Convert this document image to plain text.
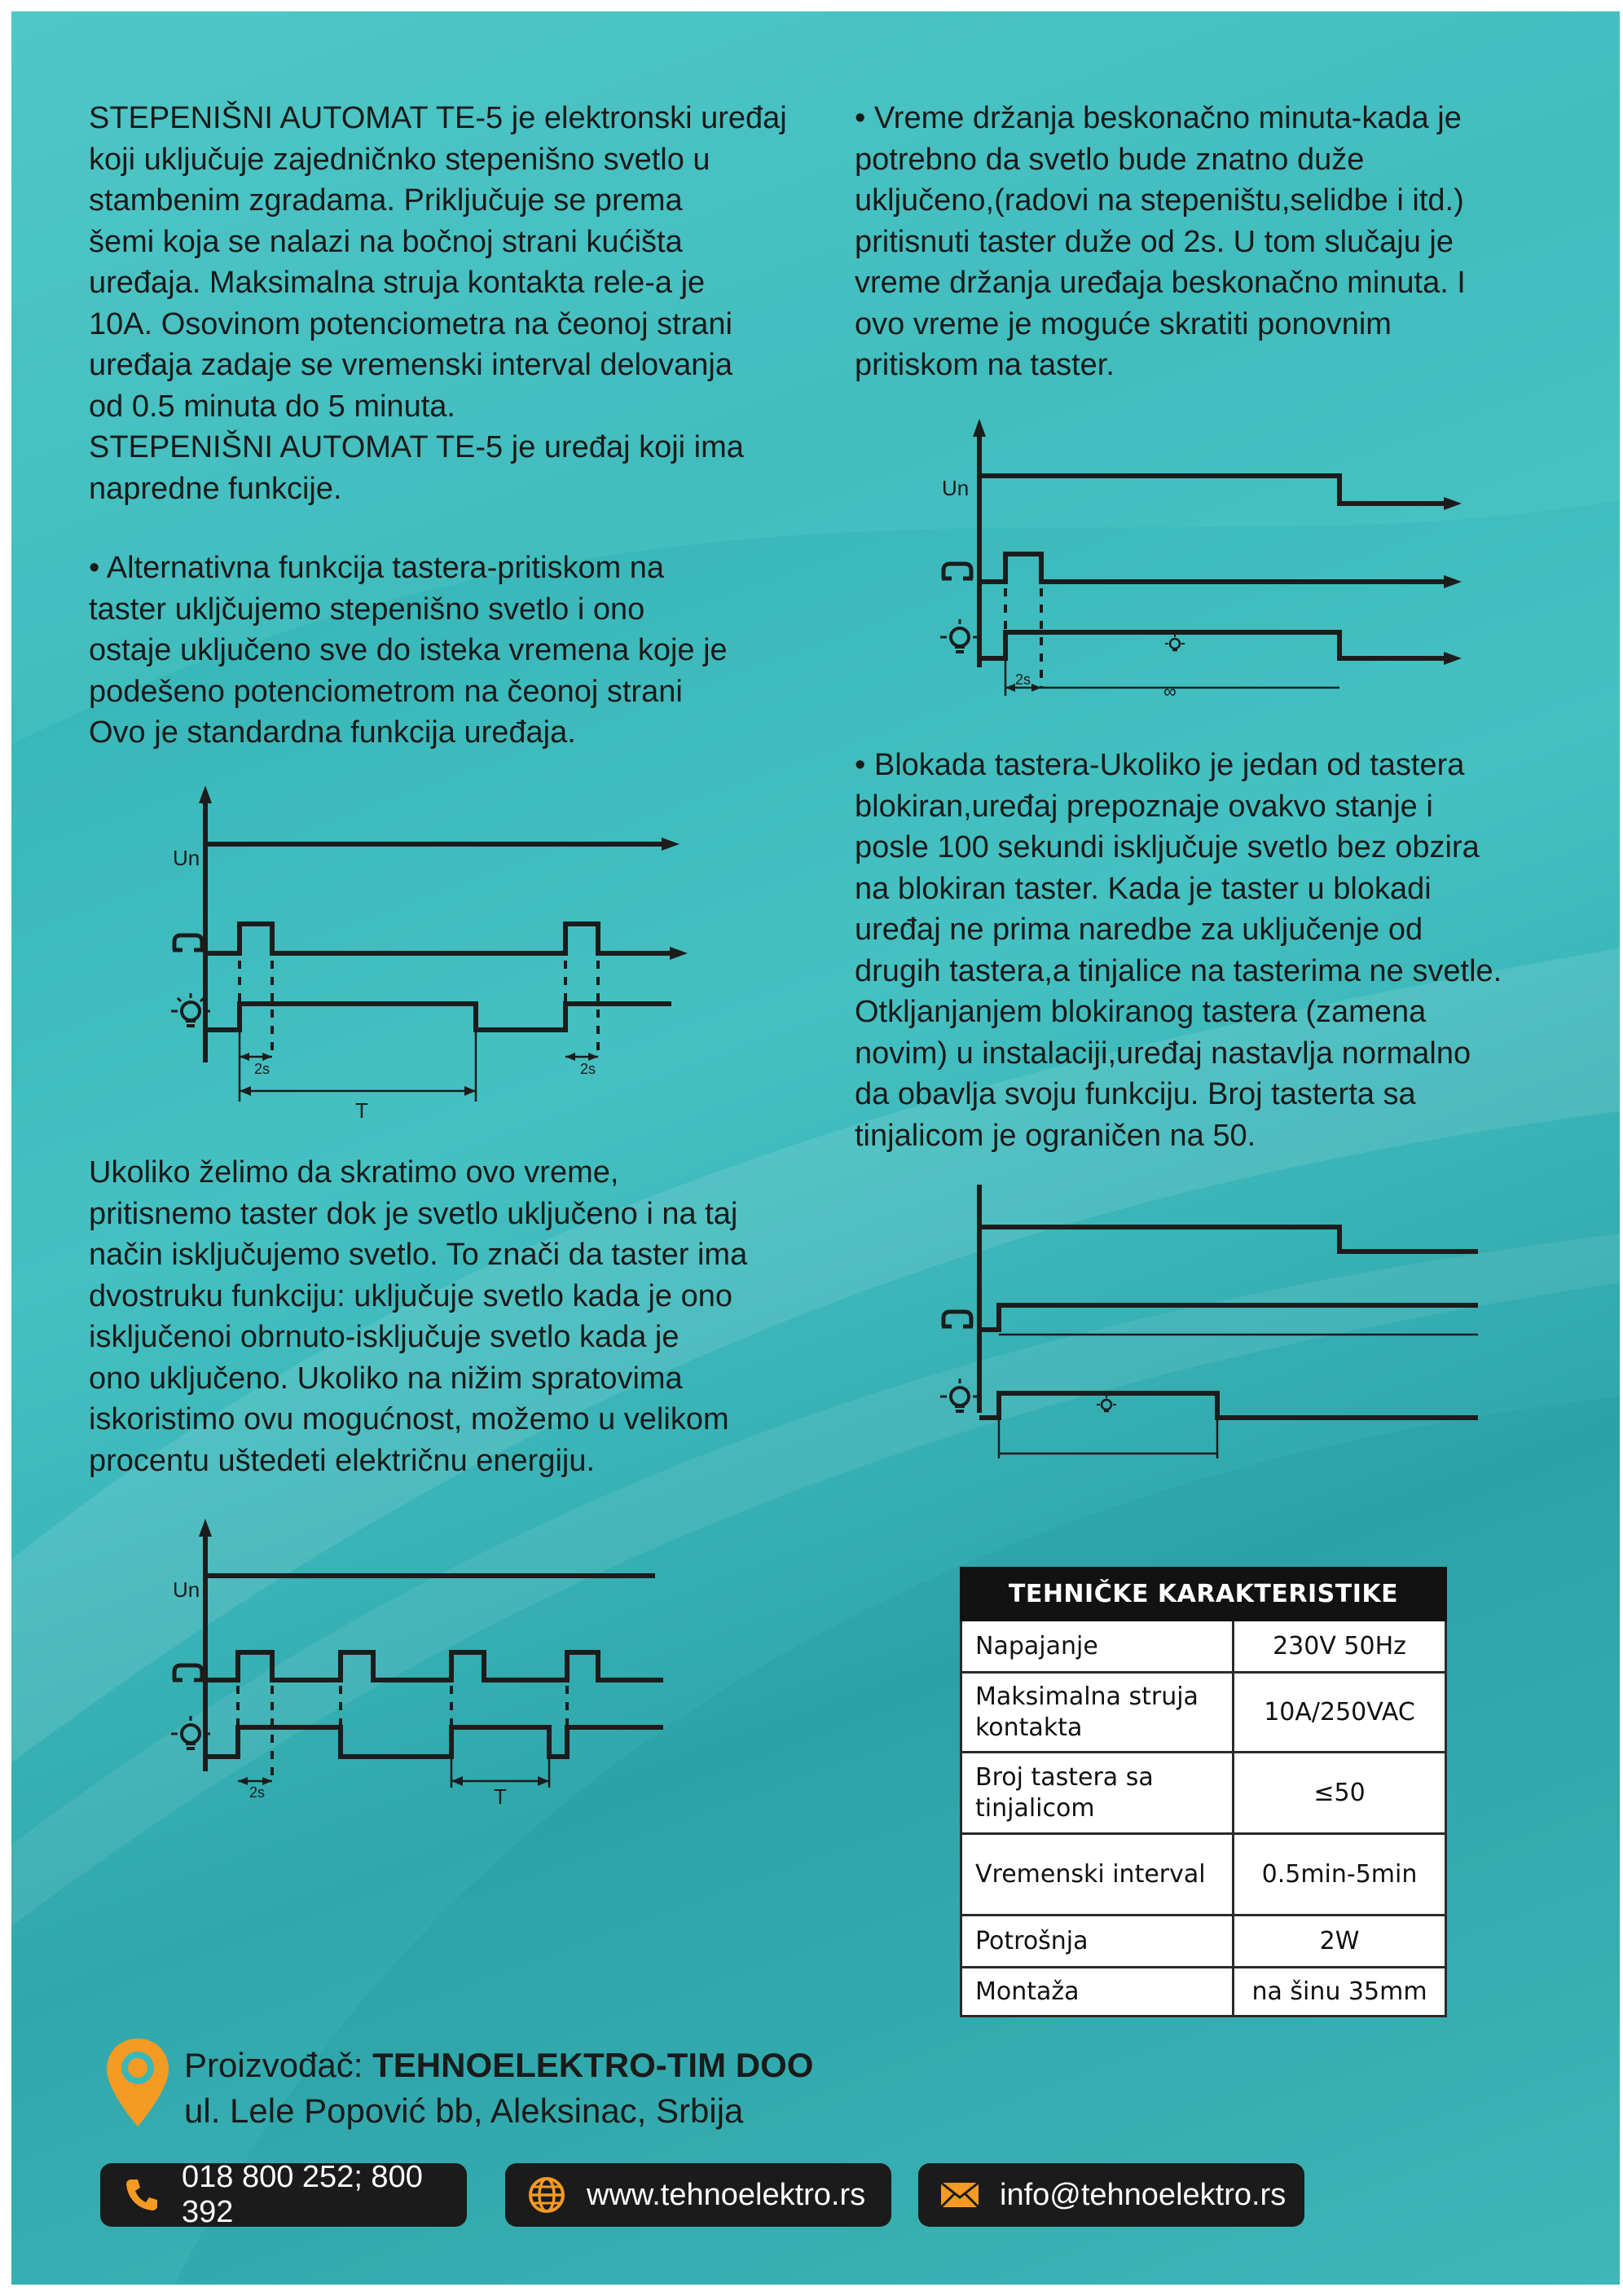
STEPENIŠNI AUTOMAT TE-5 je elektronski uređaj

koji uključuje zajedničnko stepenišno svetlo u

stambenim zgradama. Priključuje se prema

šemi koja se nalazi na bočnoj strani kućišta

uređaja. Maksimalna struja kontakta rele-a je

10A. Osovinom potenciometra na čeonoj strani

uređaja zadaje se vremenski interval delovanja

od 0.5 minuta do 5 minuta.

STEPENIŠNI AUTOMAT TE-5 je uređaj koji ima

napredne funkcije.

• Alternativna funkcija tastera-pritiskom na

taster ukljčujemo stepenišno svetlo i ono

ostaje uključeno sve do isteka vremena koje je

podešeno potenciometrom na čeonoj strani

Ovo je standardna funkcija uređaja.

Un
2s	2s
T

Ukoliko želimo da skratimo ovo vreme,

pritisnemo taster dok je svetlo uključeno i na taj

način isključujemo svetlo. To znači da taster ima

dvostruku funkciju: uključuje svetlo kada je ono

isključenoi obrnuto-isključuje svetlo kada je

ono uključeno. Ukoliko na nižim spratovima

iskoristimo ovu mogućnost, možemo u velikom

procentu uštedeti električnu energiju.

Un
2s	T

• Vreme držanja beskonačno minuta-kada je

potrebno da svetlo bude znatno duže

uključeno,(radovi na stepeništu,selidbe i itd.)

pritisnuti taster duže od 2s. U tom slučaju je

vreme držanja uređaja beskonačno minuta. I

ovo vreme je moguće skratiti ponovnim

pritiskom na taster.

Un
2s
∞

• Blokada tastera-Ukoliko je jedan od tastera

blokiran,uređaj prepoznaje ovakvo stanje i

posle 100 sekundi isključuje svetlo bez obzira

na blokiran taster. Kada je taster u blokadi

uređaj ne prima naredbe za uključenje od

drugih tastera,a tinjalice na tasterima ne svetle.

Otkljanjanjem blokiranog tastera (zamena

novim) u instalaciji,uređaj nastavlja normalno

da obavlja svoju funkciju. Broj tasterta sa

tinjalicom je ograničen na 50.

TEHNIČKE KARAKTERISTIKE	
Napajanje	230V 50Hz
Maksimalna struja kontakta	10A/250VAC
Broj tastera sa tinjalicom	≤50
Vremenski interval	0.5min-5min
Potrošnja	2W
Montaža	na šinu 35mm
Proizvođač: TEHNOELEKTRO-TIM DOO
ul. Lele Popović bb, Aleksinac, Srbija
018 800 252; 800 392
www.tehnoelektro.rs	info@tehnoelektro.rs
